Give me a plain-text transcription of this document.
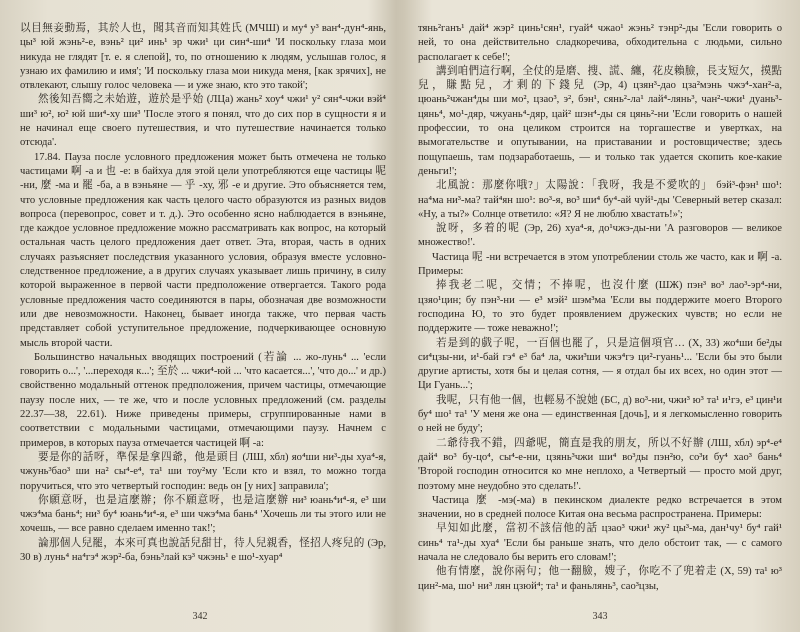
以目無妾動焉，其於人也，聞其音而知其姓氏 (МЧШ) и му⁴ у³ ван⁴-дун⁴-янь, цы³ юй жэнь²-е, вэнь² ци² инь¹ эр чжи¹ ци син⁴-ши⁴ 'И поскольку глаза мои никуда не глядят [т. е. я слепой], то, по отношению к людям, услышав голос, я узнаю их фамилию и имя'; 'И поскольку глаза мои никуда меня, [как зрячих], не отвлекают, слышу голос человека — и уже знаю, кто это такой';

然後知吾嚮之未始遊，遊於是乎始 (ЛЦа) жань² хоу⁴ чжи¹ у² сян⁴-чжи вэй⁴ ши³ ю², ю² юй ши⁴-ху ши³ 'После этого я понял, что до сих пор в сущности я и не начинал еще своего путешествия, и что путешествие начинается только отсюда'.

17.84. Пауза после условного предложения может быть отмечена не только частицами 啊 -а и 也 -е: в байхуа для этой цели употребляются еще частицы 呢 -ни, 麼 -ма и 罷 -ба, а в вэньяне — 乎 -ху, 邪 -е и другие. Это объясняется тем, что условные предложения как часть целого часто образуются из разных видов вопроса (перевопрос, совет и т. д.). Это особенно ясно наблюдается в вэньяне, где каждое условное предложение можно рассматривать как вопрос, на который остальная часть целого предложения дает ответ. Эта, вторая, часть в одних случаях разъясняет последствия указанного условия, образуя вместе условно-следственное предложение, а в других случаях указывает лишь причину, в силу которой выраженное в первой части предположение отвергается. Такого рода условные предложения часто соединяются в пары, обозначая две возможности или две невозможности. Наконец, бывает иногда также, что первая часть представляет собой уступительное предложение, подчеркивающее основную мысль второй части.

Большинство начальных вводящих построений (若論 ... жо-лунь⁴ ... 'если говорить о...', '...переходя к...'; 至於 ... чжи⁴-юй ... 'что касается...', 'что до...' и др.) свойственно модальный оттенок предположения, причем частицы, отмечающие паузу после них, — те же, что и после условных предложений (см. разделы 22.37—38, 22.61). Ниже приведены примеры, сгруппированные нами в соответствии с модальными частицами, отмечающими паузу. Начнем с примеров, в которых пауза отмечается частицей 啊 -а:

要是你的話呀，準保是拿四爺，他是頭目 (ЛШ, хбл) яо⁴ши ни³-ды хуа⁴-я, чжунь³бао³ ши на² сы⁴-е⁴, та¹ ши тоу²му 'Если кто и взял, то можно тогда поручиться, что это четвертый господин: ведь он [у них] заправила';

你願意呀，也是這麼辦；你不願意呀，也是這麼辦 ни³ юань⁴и⁴-я, е³ ши чжэ⁴ма бань⁴; ни³ бу⁴ юань⁴и⁴-я, е³ ши чжэ⁴ма бань⁴ 'Хочешь ли ты этого или не хочешь, — все равно сделаем именно так!';

論那個人兒罷，本來可真也說話兒甜甘，待人兒親香，怪招人疼兒的 (Эр, 30 в) лунь⁴ на⁴гэ⁴ жэр²-ба, бэнь³лай кэ³ чжэнь¹ е шо¹-хуар⁴

342

тянь²ганъ¹ дай⁴ жэр² цинь¹сян¹, гуай⁴ чжао¹ жэнь² тэнр²-ды 'Если говорить о ней, то она действительно сладкоречива, обходительна с людьми, сильно располагает к себе!';

講到咱們這行啊，全仗的是磨、搜、謊、纏，花皮賴臉，長支短欠，摸點兒，賺點兒，才剩的下錢兒 (Эр, 4) цзян³-дао цза²мэнь чжэ⁴-хан²-а, цюань²чжан⁴ды ши мо², цзао³, э², бэн¹, сянь²-ла¹ лай⁴-лянь³, чан²-чжи¹ дуань³-цянь⁴, мо¹-дяр, чжуань⁴-дяр, цай² шэн⁴-ды ся цянь²-ни 'Если говорить о нашей профессии, то она целиком строится на торгашестве и увертках, на вымогательстве и опутывании, на приставании и ростовщичестве; здесь пощупаешь, там подзаработаешь, — и только так удается скопить кое-какие деньги!';

北風說：那麼你哦?」太陽說：「我呀，我是不愛吹的」 бэй³-фэн¹ шо¹: на⁴ма ни³-ма? тай⁴ян шо¹: во³-я, во³ ши⁴ бу⁴-ай чуй¹-ды 'Северный ветер сказал: «Ну, а ты?» Солнце ответило: «Я? Я не люблю хвастать!»';

說呀，多着的呢 (Эр, 26) хуа⁴-я, до¹чжэ-ды-ни 'А разговоров — великое множество!'.

Частица 呢 -ни встречается в этом употреблении столь же часто, как и 啊 -а. Примеры:

捧我老二呢，交情；不捧呢，也沒什麼 (ШЖ) пэн³ во³ лао³-эр⁴-ни, цзяо¹цин; бу пэн³-ни — е³ мэй² шэм³ма 'Если вы поддержите моего Второго господина Ю, то это будет проявлением дружеских чувств; но если не поддержите — тоже неважно!';

若是到的戲子呢，一百個也罷了，只是這個項官… (X, 33) жо⁴ши бе²ды си⁴цзы-ни, и¹-бай гэ⁴ е³ ба⁴ ла, чжи³ши чжэ⁴гэ ци²-гуань¹... 'Если бы это были другие артисты, хотя бы и целая сотня, — я отдал бы их всех, но один этот — Ци Гуань...';

我呢，只有他一個，也輕易不說她 (БС, д) во³-ни, чжи³ ю³ та¹ и¹гэ, е³ цин¹и бу⁴ шо¹ та¹ 'У меня же она — единственная [дочь], и я легкомысленно говорить о ней не буду';

二爺待我不錯，四爺呢，簡直是我的朋友，所以不好辦 (ЛШ, хбл) эр⁴-е⁴ дай⁴ во³ бу-цо⁴, сы⁴-е-ни, цзянь³чжи ши⁴ во³ды пэн²ю, со³и бу⁴ хао³ бань⁴ 'Второй господин относится ко мне неплохо, а Четвертый — просто мой друг, поэтому мне неудобно это сделать!'.

Частица 麼 -мэ(-ма) в пекинском диалекте редко встречается в этом значении, но в средней полосе Китая она весьма распространена. Примеры:

早知如此麼，當初不該信他的話 цзао³ чжи¹ жу² цы³-ма, дан¹чу¹ бу⁴ гай¹ синь⁴ та¹-ды хуа⁴ 'Если бы раньше знать, что дело обстоит так, — с самого начала не следовало бы верить его словам!';

他有情麼，說你兩句；他一翻臉，嫂子，你吃不了兜着走 (X, 59) та¹ ю³ цин²-ма, шо¹ ни³ лян цзюй⁴; та¹ и фаньлянь³, сао³цзы,

343
